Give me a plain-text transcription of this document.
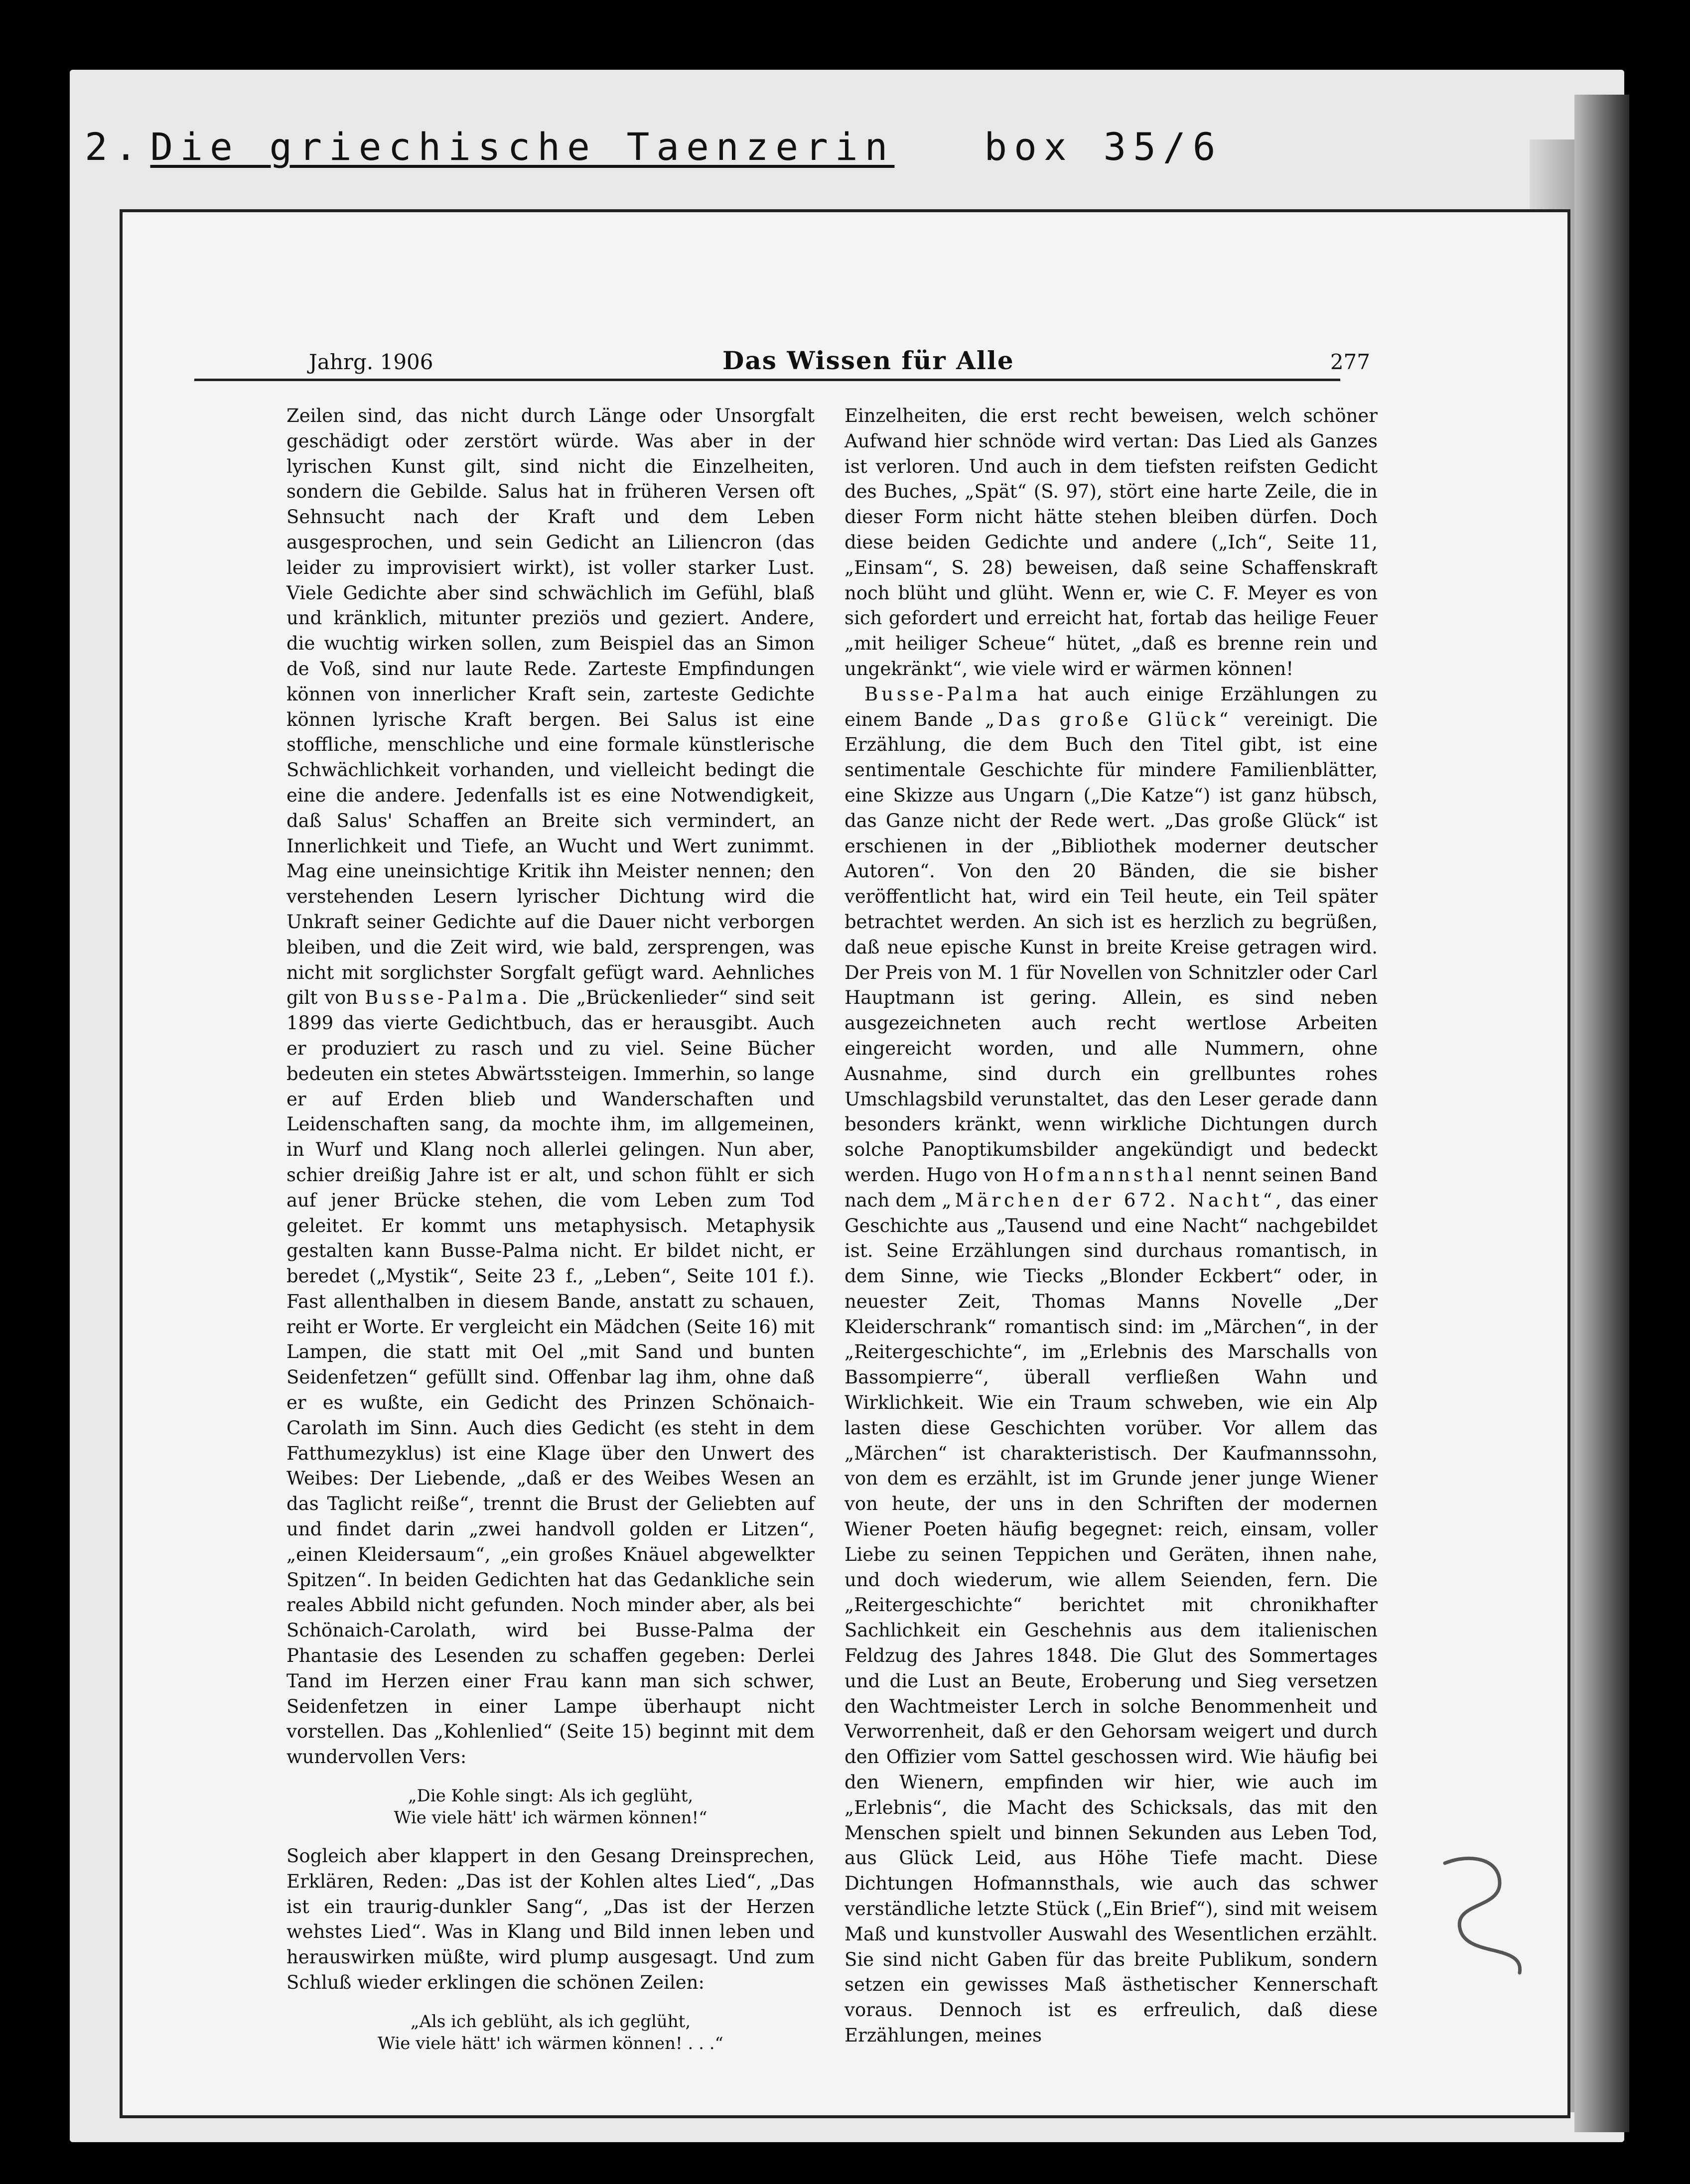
2. Die griechische Taenzerin box 35/6
Jahrg. 1906	Das Wissen für Alle	277

Zeilen sind, das nicht durch Länge oder Unsorgfalt geschädigt oder zerstört würde. Was aber in der lyrischen Kunst gilt, sind nicht die Einzelheiten, sondern die Gebilde. Salus hat in früheren Versen oft Sehnsucht nach der Kraft und dem Leben ausgesprochen, und sein Gedicht an Liliencron (das leider zu improvisiert wirkt), ist voller starker Lust. Viele Gedichte aber sind schwächlich im Gefühl, blaß und kränklich, mitunter preziös und geziert. Andere, die wuchtig wirken sollen, zum Beispiel das an Simon de Voß, sind nur laute Rede. Zarteste Empfindungen können von innerlicher Kraft sein, zarteste Gedichte können lyrische Kraft bergen. Bei Salus ist eine stoffliche, menschliche und eine formale künstlerische Schwächlichkeit vorhanden, und vielleicht bedingt die eine die andere. Jedenfalls ist es eine Notwendigkeit, daß Salus' Schaffen an Breite sich vermindert, an Innerlichkeit und Tiefe, an Wucht und Wert zunimmt. Mag eine uneinsichtige Kritik ihn Meister nennen; den verstehenden Lesern lyrischer Dichtung wird die Unkraft seiner Gedichte auf die Dauer nicht verborgen bleiben, und die Zeit wird, wie bald, zersprengen, was nicht mit sorglichster Sorgfalt gefügt ward. Aehnliches gilt von Busse-Palma. Die „Brückenlieder“ sind seit 1899 das vierte Gedichtbuch, das er herausgibt. Auch er produziert zu rasch und zu viel. Seine Bücher bedeuten ein stetes Abwärtssteigen. Immerhin, so lange er auf Erden blieb und Wanderschaften und Leidenschaften sang, da mochte ihm, im allgemeinen, in Wurf und Klang noch allerlei gelingen. Nun aber, schier dreißig Jahre ist er alt, und schon fühlt er sich auf jener Brücke stehen, die vom Leben zum Tod geleitet. Er kommt uns metaphysisch. Metaphysik gestalten kann Busse-Palma nicht. Er bildet nicht, er beredet („Mystik“, Seite 23 f., „Leben“, Seite 101 f.). Fast allenthalben in diesem Bande, anstatt zu schauen, reiht er Worte. Er vergleicht ein Mädchen (Seite 16) mit Lampen, die statt mit Oel „mit Sand und bunten Seidenfetzen“ gefüllt sind. Offenbar lag ihm, ohne daß er es wußte, ein Gedicht des Prinzen Schönaich-Carolath im Sinn. Auch dies Gedicht (es steht in dem Fatthumezyklus) ist eine Klage über den Unwert des Weibes: Der Liebende, „daß er des Weibes Wesen an das Taglicht reiße“, trennt die Brust der Geliebten auf und findet darin „zwei handvoll golden er Litzen“, „einen Kleidersaum“, „ein großes Knäuel abgewelkter Spitzen“. In beiden Gedichten hat das Gedankliche sein reales Abbild nicht gefunden. Noch minder aber, als bei Schönaich-Carolath, wird bei Busse-Palma der Phantasie des Lesenden zu schaffen gegeben: Derlei Tand im Herzen einer Frau kann man sich schwer, Seidenfetzen in einer Lampe überhaupt nicht vorstellen. Das „Kohlenlied“ (Seite 15) beginnt mit dem wundervollen Vers:

„Die Kohle singt: Als ich geglüht,
Wie viele hätt' ich wärmen können!“

Sogleich aber klappert in den Gesang Dreinsprechen, Erklären, Reden: „Das ist der Kohlen altes Lied“, „Das ist ein traurig-dunkler Sang“, „Das ist der Herzen wehstes Lied“. Was in Klang und Bild innen leben und herauswirken müßte, wird plump ausgesagt. Und zum Schluß wieder erklingen die schönen Zeilen:

„Als ich geblüht, als ich geglüht,
Wie viele hätt' ich wärmen können! . . .“

Einzelheiten, die erst recht beweisen, welch schöner Aufwand hier schnöde wird vertan: Das Lied als Ganzes ist verloren. Und auch in dem tiefsten reifsten Gedicht des Buches, „Spät“ (S. 97), stört eine harte Zeile, die in dieser Form nicht hätte stehen bleiben dürfen. Doch diese beiden Gedichte und andere („Ich“, Seite 11, „Einsam“, S. 28) beweisen, daß seine Schaffenskraft noch blüht und glüht. Wenn er, wie C. F. Meyer es von sich gefordert und erreicht hat, fortab das heilige Feuer „mit heiliger Scheue“ hütet, „daß es brenne rein und ungekränkt“, wie viele wird er wärmen können!

Busse-Palma hat auch einige Erzählungen zu einem Bande „Das große Glück“ vereinigt. Die Erzählung, die dem Buch den Titel gibt, ist eine sentimentale Geschichte für mindere Familienblätter, eine Skizze aus Ungarn („Die Katze“) ist ganz hübsch, das Ganze nicht der Rede wert. „Das große Glück“ ist erschienen in der „Bibliothek moderner deutscher Autoren“. Von den 20 Bänden, die sie bisher veröffentlicht hat, wird ein Teil heute, ein Teil später betrachtet werden. An sich ist es herzlich zu begrüßen, daß neue epische Kunst in breite Kreise getragen wird. Der Preis von M. 1 für Novellen von Schnitzler oder Carl Hauptmann ist gering. Allein, es sind neben ausgezeichneten auch recht wertlose Arbeiten eingereicht worden, und alle Nummern, ohne Ausnahme, sind durch ein grellbuntes rohes Umschlagsbild verunstaltet, das den Leser gerade dann besonders kränkt, wenn wirkliche Dichtungen durch solche Panoptikumsbilder angekündigt und bedeckt werden. Hugo von Hofmannsthal nennt seinen Band nach dem „Märchen der 672. Nacht“, das einer Geschichte aus „Tausend und eine Nacht“ nachgebildet ist. Seine Erzählungen sind durchaus romantisch, in dem Sinne, wie Tiecks „Blonder Eckbert“ oder, in neuester Zeit, Thomas Manns Novelle „Der Kleiderschrank“ romantisch sind: im „Märchen“, in der „Reitergeschichte“, im „Erlebnis des Marschalls von Bassompierre“, überall verfließen Wahn und Wirklichkeit. Wie ein Traum schweben, wie ein Alp lasten diese Geschichten vorüber. Vor allem das „Märchen“ ist charakteristisch. Der Kaufmannssohn, von dem es erzählt, ist im Grunde jener junge Wiener von heute, der uns in den Schriften der modernen Wiener Poeten häufig begegnet: reich, einsam, voller Liebe zu seinen Teppichen und Geräten, ihnen nahe, und doch wiederum, wie allem Seienden, fern. Die „Reitergeschichte“ berichtet mit chronikhafter Sachlichkeit ein Geschehnis aus dem italienischen Feldzug des Jahres 1848. Die Glut des Sommertages und die Lust an Beute, Eroberung und Sieg versetzen den Wachtmeister Lerch in solche Benommenheit und Verworrenheit, daß er den Gehorsam weigert und durch den Offizier vom Sattel geschossen wird. Wie häufig bei den Wienern, empfinden wir hier, wie auch im „Erlebnis“, die Macht des Schicksals, das mit den Menschen spielt und binnen Sekunden aus Leben Tod, aus Glück Leid, aus Höhe Tiefe macht. Diese Dichtungen Hofmannsthals, wie auch das schwer verständliche letzte Stück („Ein Brief“), sind mit weisem Maß und kunstvoller Auswahl des Wesentlichen erzählt. Sie sind nicht Gaben für das breite Publikum, sondern setzen ein gewisses Maß ästhetischer Kennerschaft voraus. Dennoch ist es erfreulich, daß diese Erzählungen, meines
